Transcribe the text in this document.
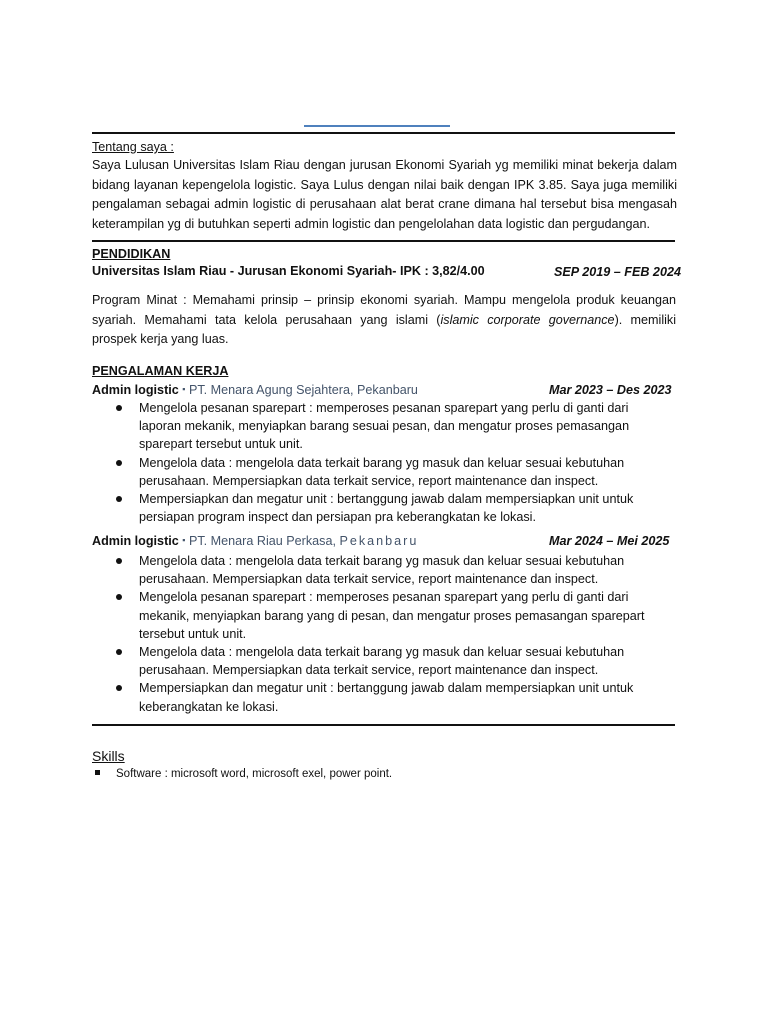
Tentang saya :
Saya Lulusan Universitas Islam Riau dengan jurusan Ekonomi Syariah yg memiliki minat bekerja dalam
bidang layanan kepengelola logistic. Saya Lulus dengan nilai baik dengan IPK 3.85. Saya juga memiliki
pengalaman sebagai admin logistic di perusahaan alat berat crane dimana hal tersebut bisa mengasah
keterampilan yg di butuhkan seperti admin logistic dan pengelolahan data logistic dan pergudangan.
PENDIDIKAN
Universitas Islam Riau - Jurusan Ekonomi Syariah- IPK : 3,82/4.00	SEP 2019 – FEB 2024
Program Minat : Memahami prinsip – prinsip ekonomi syariah. Mampu mengelola produk keuangan
syariah. Memahami tata kelola perusahaan yang islami (islamic corporate governance). memiliki
prospek kerja yang luas.
PENGALAMAN KERJA
Admin logistic ▪ PT. Menara Agung Sejahtera, Pekanbaru	Mar 2023 – Des 2023
Mengelola pesanan sparepart : memperoses pesanan sparepart yang perlu di ganti dari
laporan mekanik, menyiapkan barang sesuai pesan, dan mengatur proses pemasangan
sparepart tersebut untuk unit.
Mengelola data : mengelola data terkait barang yg masuk dan keluar sesuai kebutuhan
perusahaan. Mempersiapkan data terkait service, report maintenance dan inspect.
Mempersiapkan dan megatur unit : bertanggung jawab dalam mempersiapkan unit untuk
persiapan program inspect dan persiapan pra keberangkatan ke lokasi.
Admin logistic ▪ PT. Menara Riau Perkasa, Pekanbaru	Mar 2024 – Mei 2025
Mengelola data : mengelola data terkait barang yg masuk dan keluar sesuai kebutuhan
perusahaan. Mempersiapkan data terkait service, report maintenance dan inspect.
Mengelola pesanan sparepart : memperoses pesanan sparepart yang perlu di ganti dari
mekanik, menyiapkan barang yang di pesan, dan mengatur proses pemasangan sparepart
tersebut untuk unit.
Mengelola data : mengelola data terkait barang yg masuk dan keluar sesuai kebutuhan
perusahaan. Mempersiapkan data terkait service, report maintenance dan inspect.
Mempersiapkan dan megatur unit : bertanggung jawab dalam mempersiapkan unit untuk
keberangkatan ke lokasi.
Skills
Software : microsoft word, microsoft exel, power point.
